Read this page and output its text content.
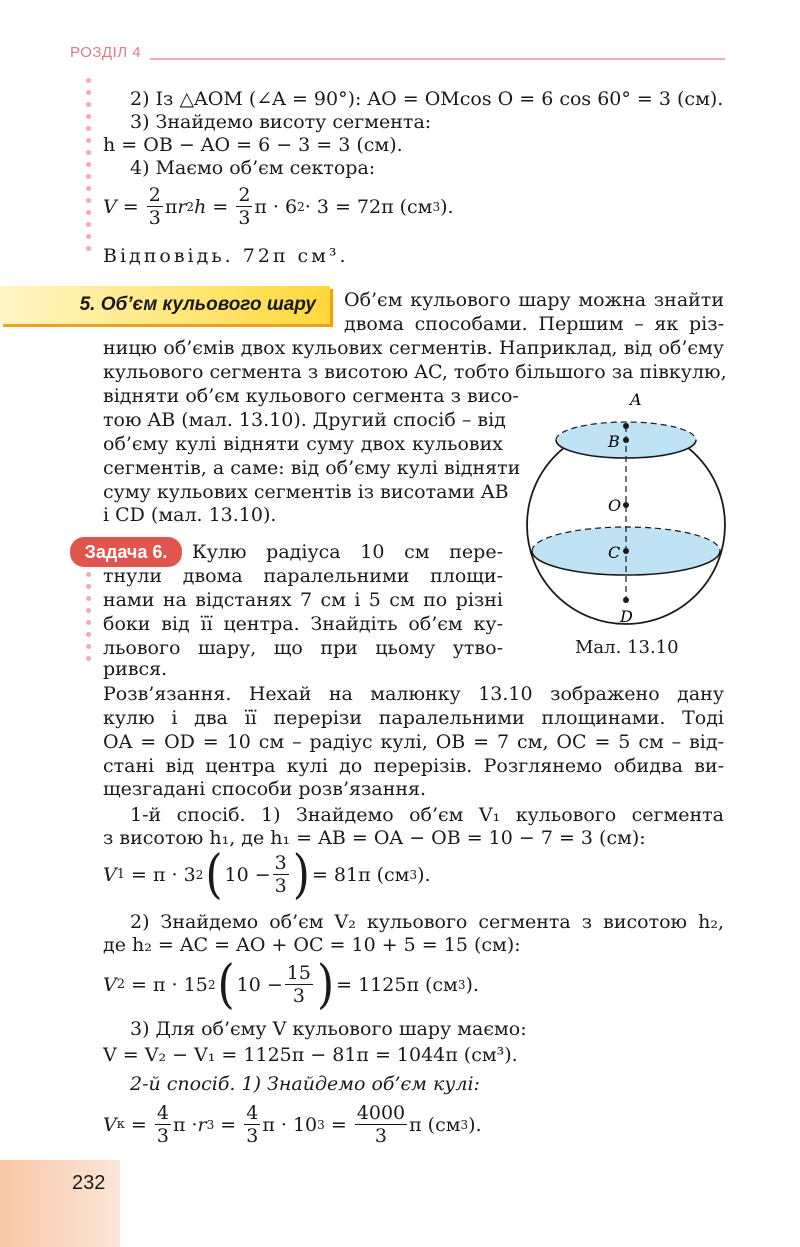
РОЗДІЛ 4
2) Із △AOM (∠A = 90°): AO = OMcos O = 6 cos 60° = 3 (см).
3) Знайдемо висоту сегмента:
h = OB − AO = 6 − 3 = 3 (см).
4) Маємо об’єм сектора:
$V = \frac{2}{3}$ π r 2 $h = \frac{2}{3}$ π · 6 2 · 3 = 72π (см 3 ).
Відповідь. 72π см³.
5. Об’єм кульового шару Об’єм кульового шару можна знайти
двома способами. Першим – як різ-
ницю об’ємів двох кульових сегментів. Наприклад, від об’єму
кульового сегмента з висотою AC, тобто більшого за півкулю,
відняти об’єм кульового сегмента з висо-
тою AB (мал. 13.10). Другий спосіб – від
об’єму кулі відняти суму двох кульових
сегментів, а саме: від об’єму кулі відняти
суму кульових сегментів із висотами AB
і CD (мал. 13.10).
A
B
O
C
D
Мал. 13.10
Задача 6.	Кулю радіуса 10 см пере-
тнули двома паралельними площи-
нами на відстанях 7 см і 5 см по різні
боки від її центра. Знайдіть об’єм ку-
льового шару, що при цьому утво-
рився.
Розв’язання. Нехай на малюнку 13.10 зображено дану
кулю і два її перерізи паралельними площинами. Тоді
OA = OD = 10 см – радіус кулі, OB = 7 см, OC = 5 см – від-
стані від центра кулі до перерізів. Розглянемо обидва ви-
щезгадані способи розв’язання.
1-й спосіб. 1) Знайдемо об’єм V₁ кульового сегмента
з висотою h₁, де h₁ = AB = OA − OB = 10 − 7 = 3 (см):
V 1 = π · 3 2 ( $10 - \frac{3}{3}$ ) = 81π (см 3 ).
2) Знайдемо об’єм V₂ кульового сегмента з висотою h₂,
де h₂ = AC = AO + OC = 10 + 5 = 15 (см):
V 2 = π · 15 2 ( $10 - \frac{15}{3}$ ) = 1125π (см 3 ).
3) Для об’єму V кульового шару маємо:
V = V₂ − V₁ = 1125π − 81π = 1044π (см³).
2-й спосіб. 1) Знайдемо об’єм кулі:
V $к = \frac{4}{3}$ π · r $3 = \frac{4}{3}$ π · 10 $3 = \frac{4000}{3}$ π (см 3 ).
232
